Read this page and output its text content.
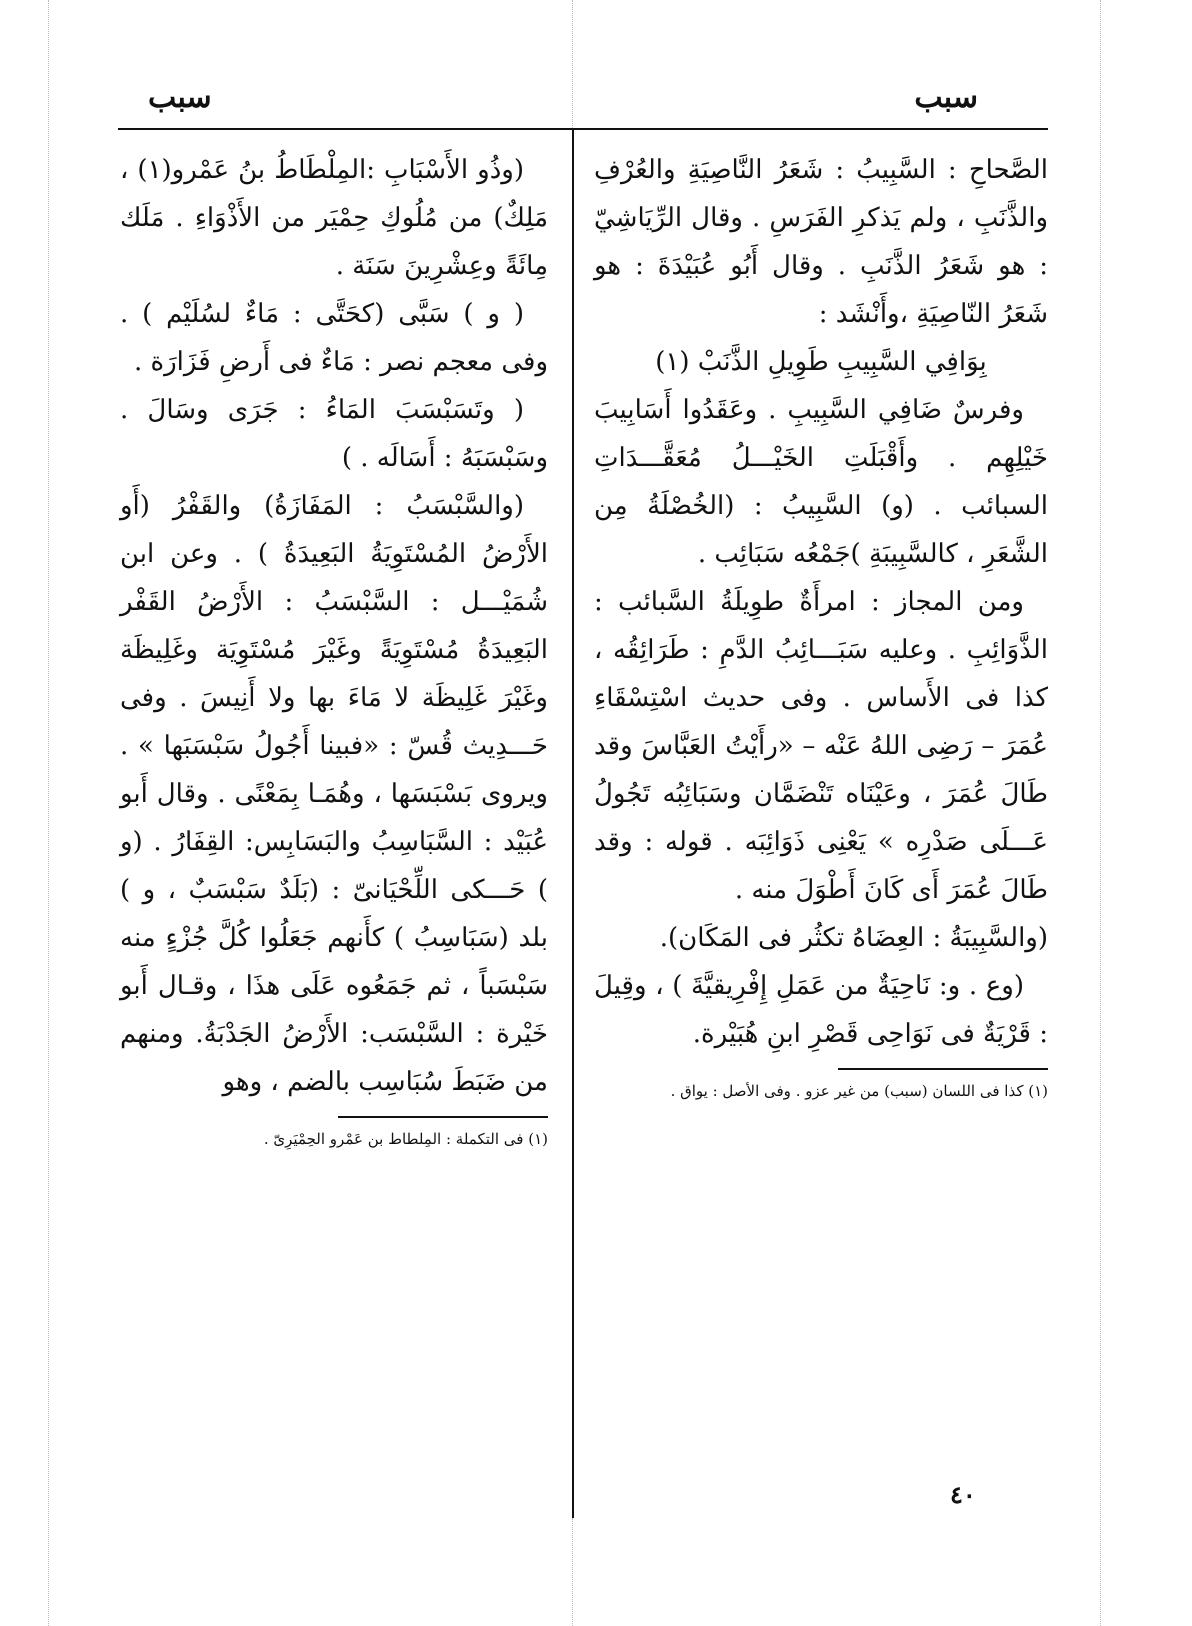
سبب
سبب

الصَّحاحِ : السَّبِيبُ : شَعَرُ النَّاصِيَةِ والعُرْفِ والذَّنَبِ ، ولم يَذكرِ الفَرَسِ . وقال الرِّيَاشِيّ : هو شَعَرُ الذَّنَبِ . وقال أَبُو عُبَيْدَةَ : هو شَعَرُ النّاصِيَةِ ،وأَنْشَد :

بِوَافِي السَّبِيبِ طَوِيلِ الذَّنَبْ (١)

وفرسٌ ضَافِي السَّبِيبِ . وعَقَدُوا أَسَابِيبَ خَيْلِهِم . وأَقْبَلَتِ الخَيْـــلُ مُعَقَّـــدَاتِ السبائب . (و) السَّبِيبُ : (الخُصْلَةُ مِن الشَّعَرِ ، كالسَّبِيبَةِ )جَمْعُه سَبَائِب .

ومن المجاز : امرأَةٌ طوِيلَةُ السَّبائب : الذَّوَائِبِ . وعليه سَبَـــائِبُ الدَّمِ : طَرَائِقُه ، كذا فى الأَساس . وفى حديث اسْتِسْقَاءِ عُمَرَ – رَضِى اللهُ عَنْه – «رأَيْتُ العَبَّاسَ وقد طَالَ عُمَرَ ، وعَيْنَاه تَنْضَمَّان وسَبَائِبُه تَجُولُ عَـــلَى صَدْرِه » يَعْنِى ذَوَائِبَه . قوله : وقد طَالَ عُمَرَ أَى كَانَ أَطْوَلَ منه .

(والسَّبِيبَةُ : العِضَاهُ تكثُر فى المَكَان).

(وع . و: نَاحِيَةٌ من عَمَلِ إِفْرِيقيَّةَ ) ، وقِيلَ : قَرْيَةٌ فى نَوَاحِى قَصْرِ ابنِ هُبَيْرة.

(١) كذا فى اللسان (سبب) من غير عزو . وفى الأصل : يواق .

(وذُو الأَسْبَابِ :المِلْطَاطُ بنُ عَمْرو(١) ، مَلِكٌ) من مُلُوكِ حِمْيَر من الأَذْوَاءِ . مَلَك مِائَةً وعِشْرِينَ سَنَة .

( و ) سَبَّى (كحَتَّى : مَاءٌ لسُلَيْم ) . وفى معجم نصر : مَاءٌ فى أَرضِ فَزَارَة .

( وتَسَبْسَبَ المَاءُ : جَرَى وسَالَ . وسَبْسَبَهُ : أَسَالَه . )

(والسَّبْسَبُ : المَفَازَةُ) والقَفْرُ (أَو الأَرْضُ المُسْتَوِيَةُ البَعِيدَةُ ) . وعن ابن شُمَيْـــل : السَّبْسَبُ : الأَرْضُ القَفْر البَعِيدَةُ مُسْتَوِيَةً وغَيْرَ مُسْتَوِيَة وغَلِيظَة وغَيْرَ غَلِيظَة لا مَاءَ بها ولا أَنِيسَ . وفى حَـــدِيث قُسّ : «فبينا أَجُولُ سَبْسَبَها » . ويروى بَسْبَسَها ، وهُمَـا بِمَعْنًى . وقال أَبو عُبَيْد : السَّبَاسِبُ والبَسَابِس: القِفَارُ . (و ) حَـــكى اللِّحْيَانىّ : (بَلَدٌ سَبْسَبٌ ، و ) بلد (سَبَاسِبُ ) كأَنهم جَعَلُوا كُلَّ جُزْءٍ منه سَبْسَباً ، ثم جَمَعُوه عَلَى هذَا ، وقـال أَبو خَيْرة : السَّبْسَب: الأَرْضُ الجَدْبَةُ. ومنهم من ضَبَطَ سُبَاسِب بالضم ، وهو

(١) فى التكملة : المِلطاط بن عَمْرو الحِمْيَرِىّ .
٤٠
